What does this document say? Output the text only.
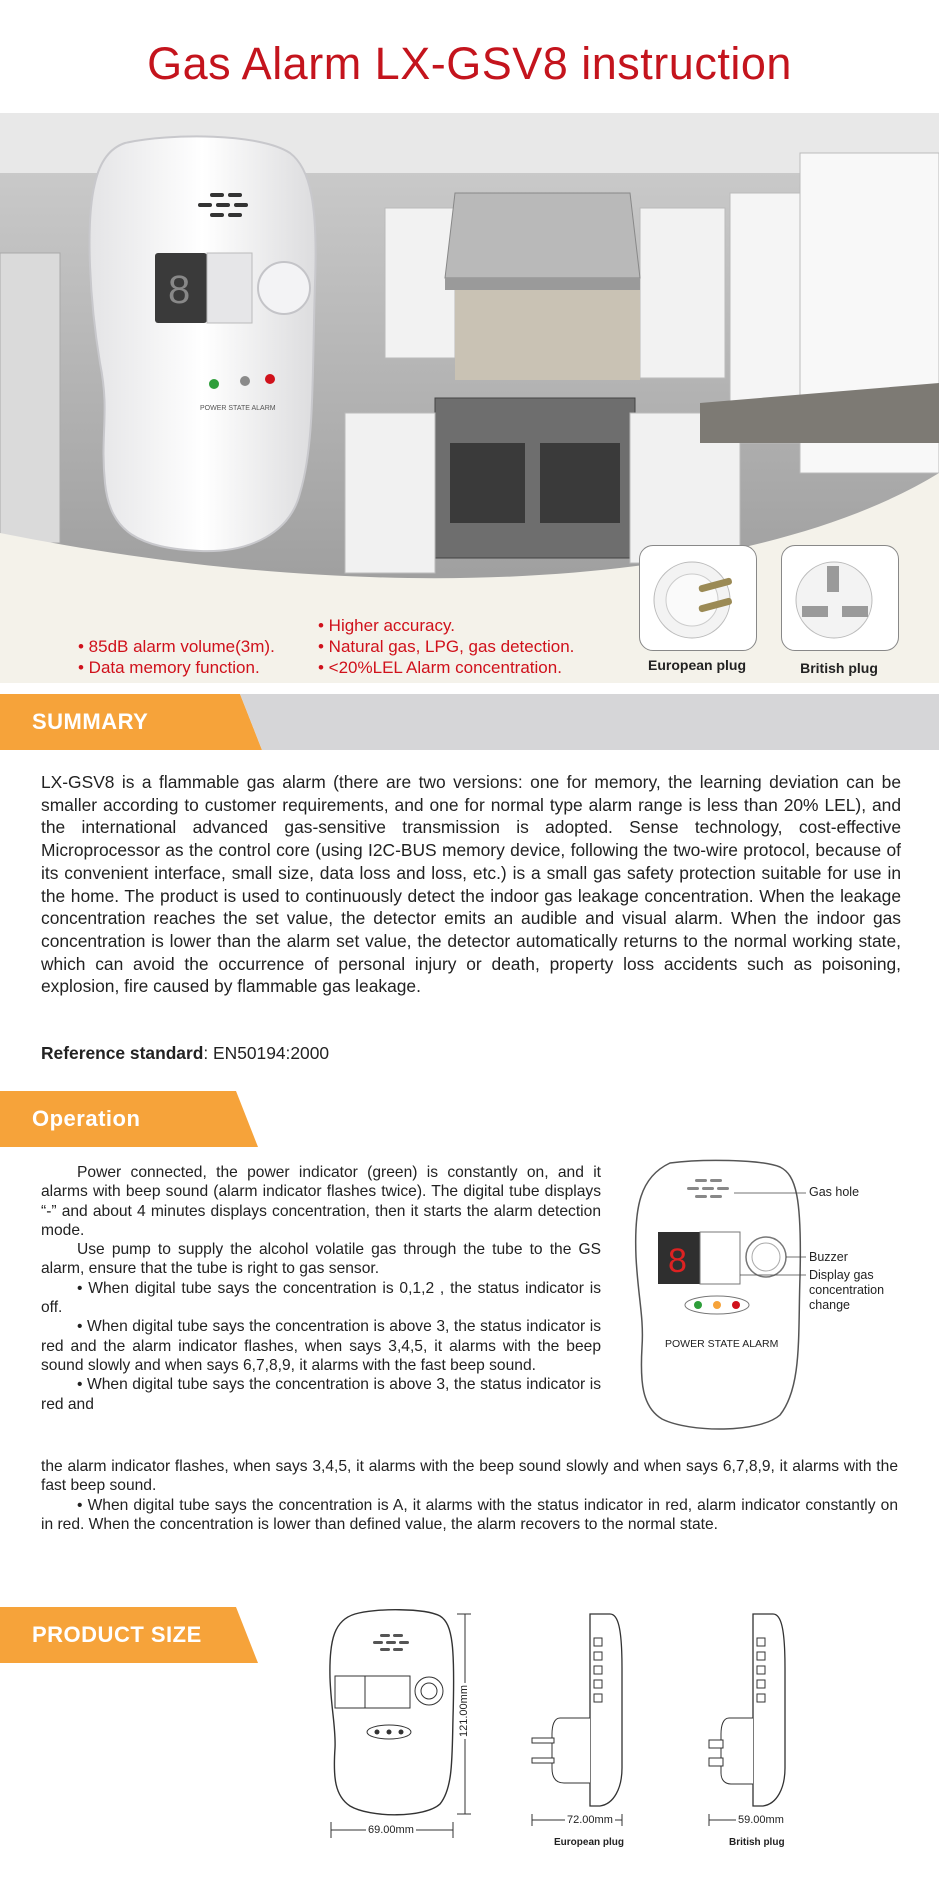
Gas Alarm LX-GSV8 instruction
8
POWER STATE ALARM
• 85dB alarm volume(3m).
• Data memory function.
• Higher accuracy.
• Natural gas, LPG, gas detection.
• <20%LEL Alarm concentration.	European plug	British plug
SUMMARY
LX-GSV8 is a flammable gas alarm (there are two versions: one for memory, the learning deviation can be smaller according to customer requirements, and one for normal type alarm range is less than 20% LEL), and the international advanced gas-sensitive transmission is adopted. Sense technology, cost-effective Microprocessor as the control core (using I2C-BUS memory device, following the two-wire protocol, because of its convenient interface, small size, data loss and loss, etc.) is a small gas safety protection suitable for use in the home. The product is used to continuously detect the indoor gas leakage concentration. When the leakage concentration reaches the set value, the detector emits an audible and visual alarm. When the indoor gas concentration is lower than the alarm set value, the detector automatically returns to the normal working state, which can avoid the occurrence of personal injury or death, property loss accidents such as poisoning, explosion, fire caused by flammable gas leakage.
Reference standard: EN50194:2000
Operation

Power connected, the power indicator (green) is constantly on, and it alarms with beep sound (alarm indicator flashes twice). The digital tube displays “-” and about 4 minutes displays concentration, then it starts the alarm detection mode.

Use pump to supply the alcohol volatile gas through the tube to the GS alarm, ensure that the tube is right to gas sensor.

• When digital tube says the concentration is 0,1,2 , the status indicator is off.

• When digital tube says the concentration is above 3, the status indicator is red and the alarm indicator flashes, when says 3,4,5, it alarms with the beep sound slowly and when says 6,7,8,9, it alarms with the fast beep sound.

• When digital tube says the concentration is above 3, the status indicator is red and

the alarm indicator flashes, when says 3,4,5, it alarms with the beep sound slowly and when says 6,7,8,9, it alarms with the fast beep sound.

• When digital tube says the concentration is A, it alarms with the status indicator in red, alarm indicator constantly on in red. When the concentration is lower than defined value, the alarm recovers to the normal state.

8
Gas hole
Buzzer
Display gas concentration change
POWER STATE ALARM
PRODUCT SIZE
69.00mm
121.00mm
72.00mm
European plug
59.00mm
British plug
